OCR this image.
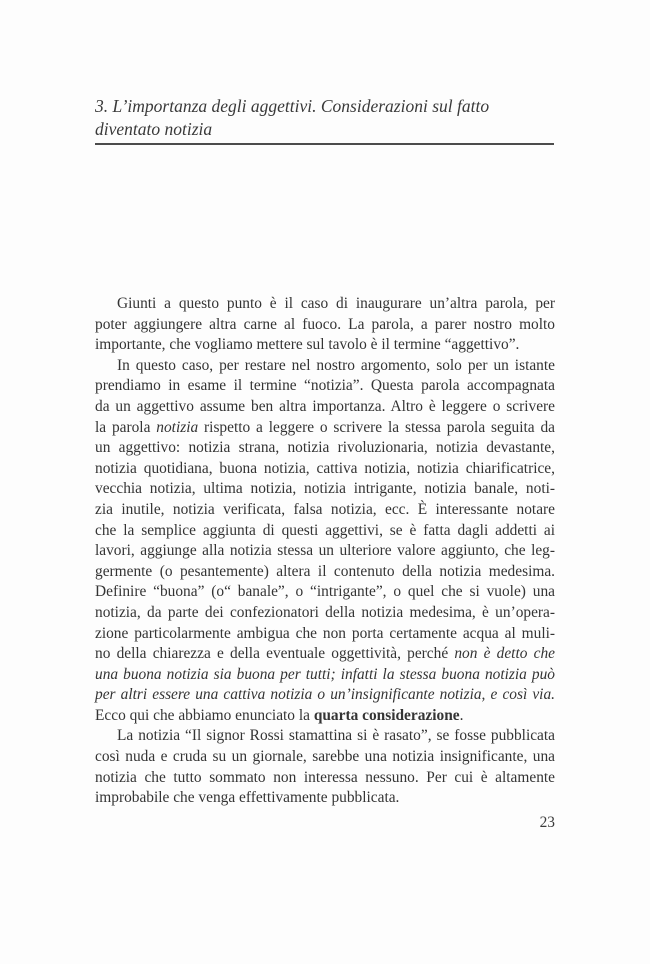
3. L’importanza degli aggettivi. Considerazioni sul fatto
diventato notizia
Giunti a questo punto è il caso di inaugurare un’altra parola, per
poter aggiungere altra carne al fuoco. La parola, a parer nostro molto
importante, che vogliamo mettere sul tavolo è il termine “aggettivo”.
In questo caso, per restare nel nostro argomento, solo per un istante
prendiamo in esame il termine “notizia”. Questa parola accompagnata
da un aggettivo assume ben altra importanza. Altro è leggere o scrivere
la parola notizia rispetto a leggere o scrivere la stessa parola seguita da
un aggettivo: notizia strana, notizia rivoluzionaria, notizia devastante,
notizia quotidiana, buona notizia, cattiva notizia, notizia chiarificatrice,
vecchia notizia, ultima notizia, notizia intrigante, notizia banale, noti-
zia inutile, notizia verificata, falsa notizia, ecc. È interessante notare
che la semplice aggiunta di questi aggettivi, se è fatta dagli addetti ai
lavori, aggiunge alla notizia stessa un ulteriore valore aggiunto, che leg-
germente (o pesantemente) altera il contenuto della notizia medesima.
Definire “buona” (o“ banale”, o “intrigante”, o quel che si vuole) una
notizia, da parte dei confezionatori della notizia medesima, è un’opera-
zione particolarmente ambigua che non porta certamente acqua al muli-
no della chiarezza e della eventuale oggettività, perché non è detto che
una buona notizia sia buona per tutti; infatti la stessa buona notizia può
per altri essere una cattiva notizia o un’insignificante notizia, e così via.
Ecco qui che abbiamo enunciato la quarta considerazione.
La notizia “Il signor Rossi stamattina si è rasato”, se fosse pubblicata
così nuda e cruda su un giornale, sarebbe una notizia insignificante, una
notizia che tutto sommato non interessa nessuno. Per cui è altamente
improbabile che venga effettivamente pubblicata.
23
